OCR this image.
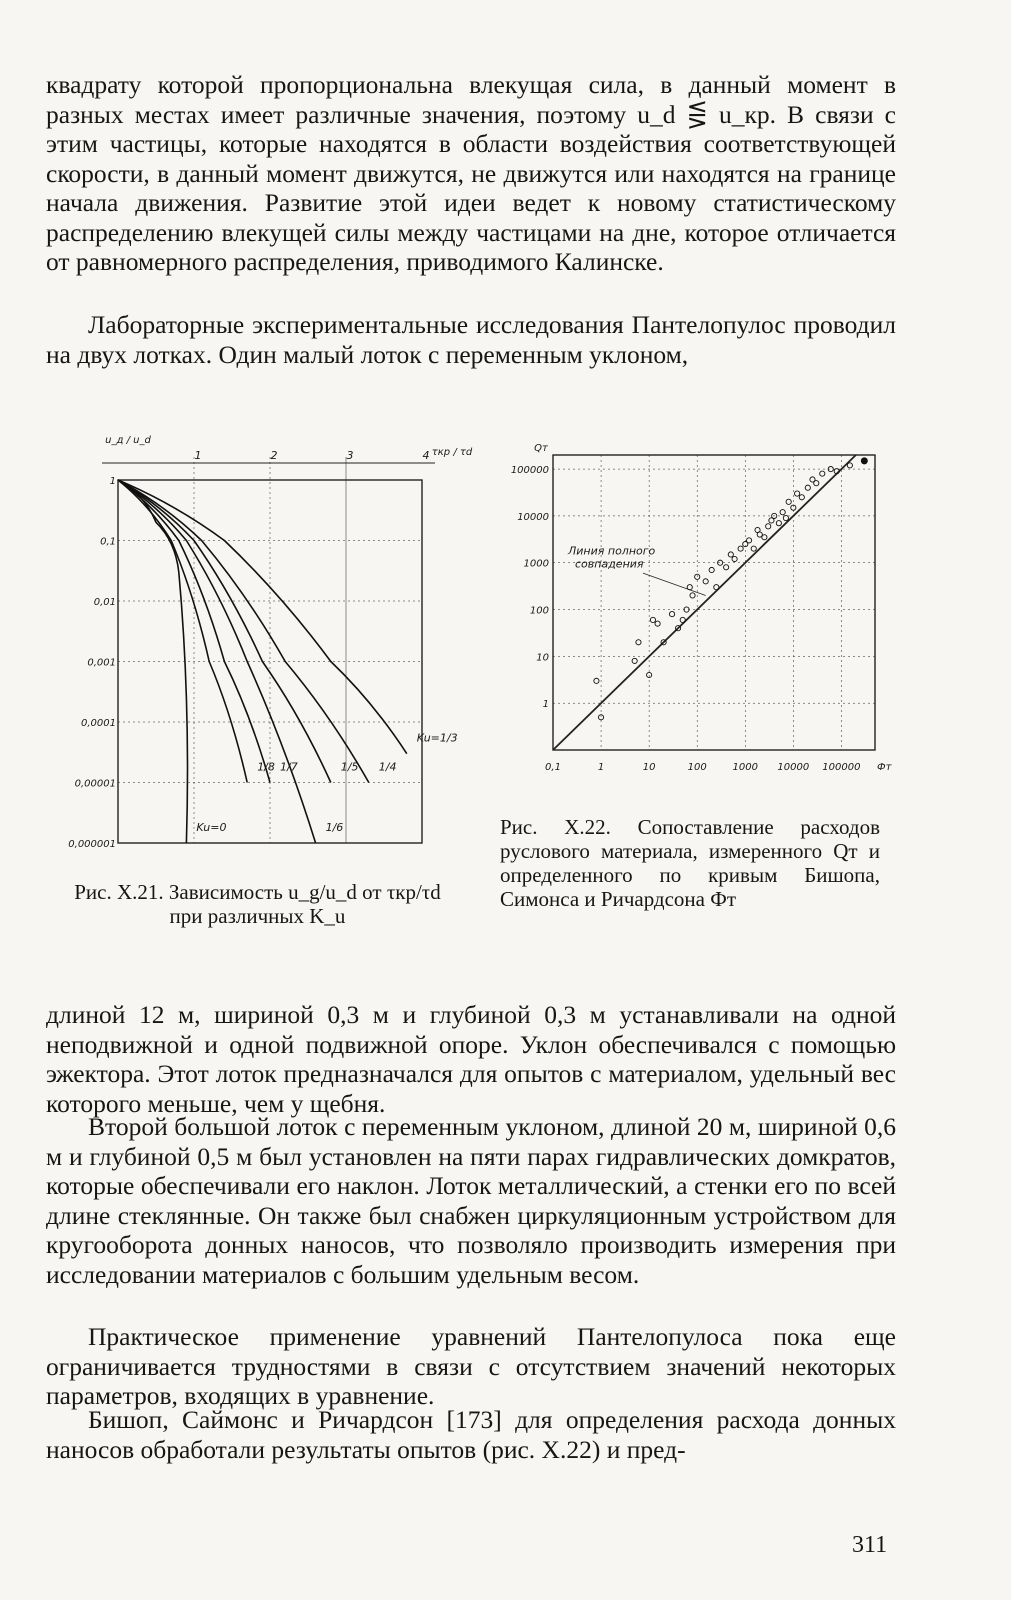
квадрату которой пропорциональна влекущая сила, в данный момент в разных местах имеет различные значения, поэтому u_d ⋚ u_кр. В связи с этим частицы, которые находятся в области воздействия соответствующей скорости, в данный момент движутся, не движутся или находятся на границе начала движения. Развитие этой идеи ведет к новому статистическому распределению влекущей силы между частицами на дне, которое отличается от равномерного распределения, приводимого Калинске.

Лабораторные экспериментальные исследования Пантелопулос проводил на двух лотках. Один малый лоток с переменным уклоном,

1
0,1
0,01
0,001
0,0001
0,00001
0,000001
1	2	3	4
u_д / u_d
τкр / τd
Ku=0
1/8 1/7
1/6
1/5 1/4
Ku=1/3
Рис. X.21. Зависимость u_g/u_d от τкр/τd при различных K_u
100000
10000
1000
100
10
1
0,1	1	10	100	1000 10000 100000
Qт
Фт
Линия полного совпадения
Рис. X.22. Сопоставление расходов руслового материала, измеренного Qт и определенного по кривым Бишопа, Симонса и Ричардсона Фт

длиной 12 м, шириной 0,3 м и глубиной 0,3 м устанавливали на одной неподвижной и одной подвижной опоре. Уклон обеспечивался с помощью эжектора. Этот лоток предназначался для опытов с материалом, удельный вес которого меньше, чем у щебня.

Второй большой лоток с переменным уклоном, длиной 20 м, шириной 0,6 м и глубиной 0,5 м был установлен на пяти парах гидравлических домкратов, которые обеспечивали его наклон. Лоток металлический, а стенки его по всей длине стеклянные. Он также был снабжен циркуляционным устройством для кругооборота донных наносов, что позволяло производить измерения при исследовании материалов с большим удельным весом.

Практическое применение уравнений Пантелопулоса пока еще ограничивается трудностями в связи с отсутствием значений некоторых параметров, входящих в уравнение.

Бишоп, Саймонс и Ричардсон [173] для определения расхода донных наносов обработали результаты опытов (рис. X.22) и пред-

311
